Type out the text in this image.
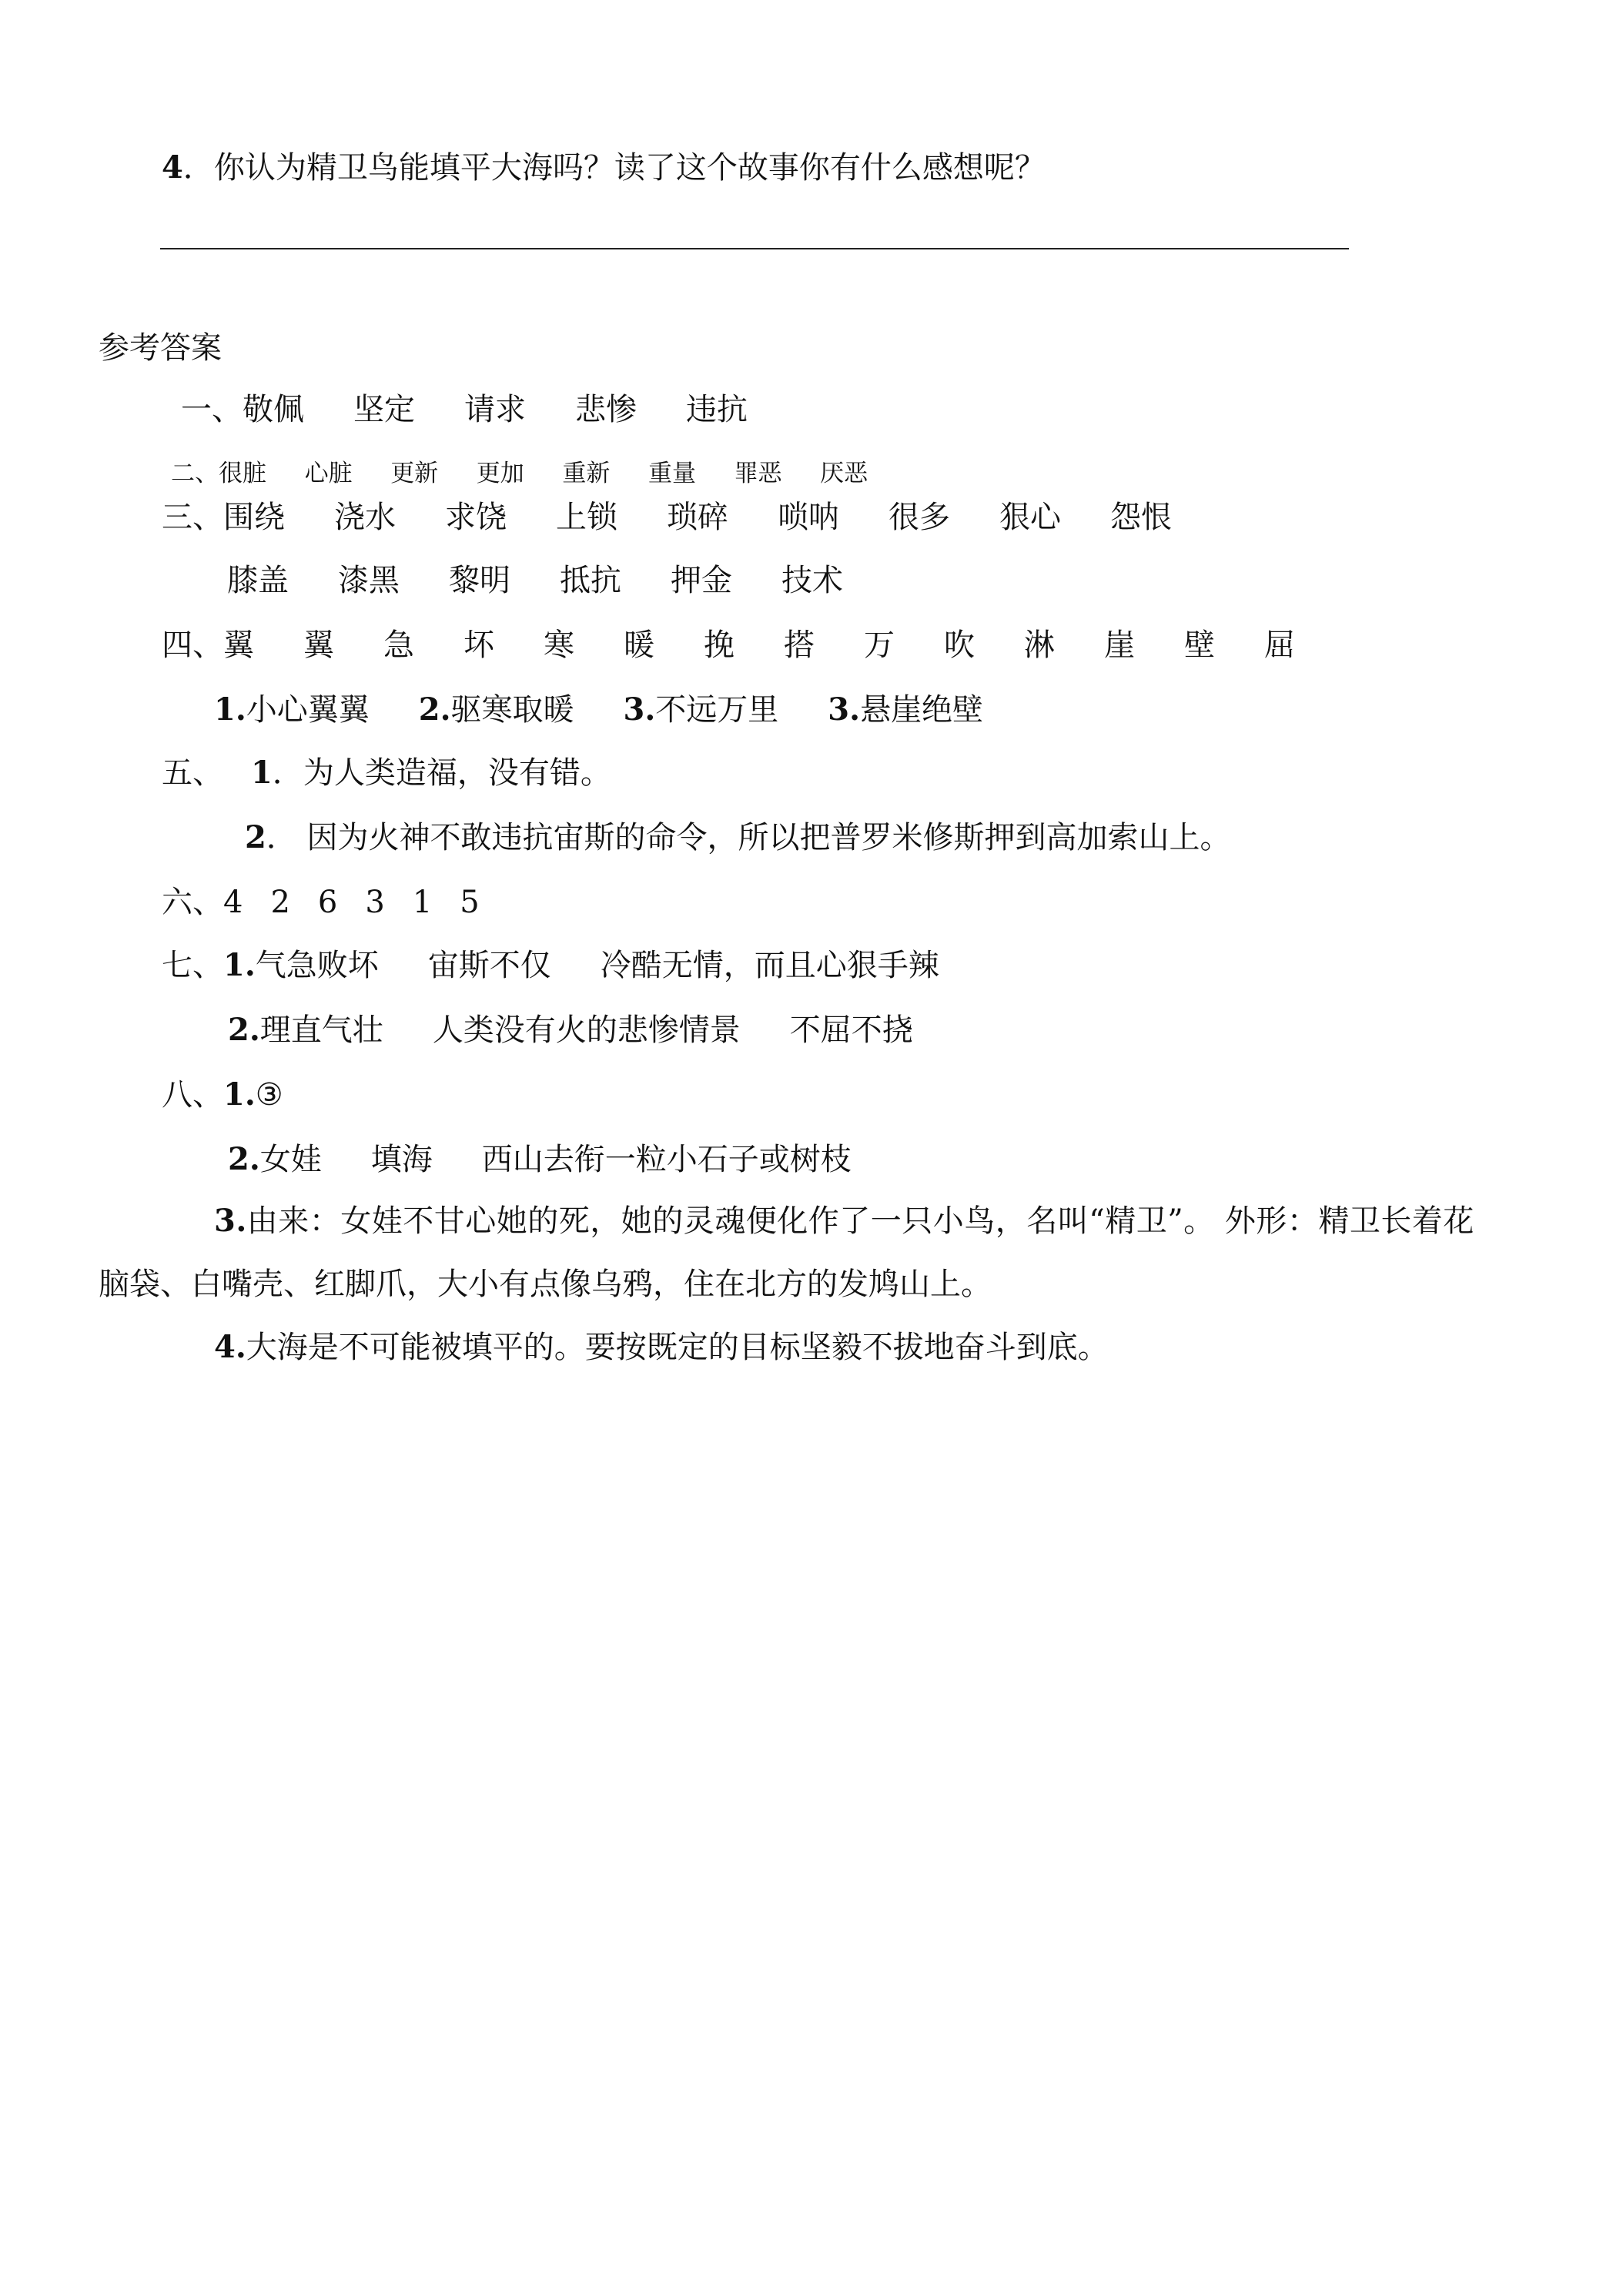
4．你认为精卫鸟能填平大海吗？读了这个故事你有什么感想呢？
参考答案
一、敬佩 坚定 请求 悲惨 违抗
二、很脏 心脏 更新 更加 重新 重量 罪恶 厌恶
三、围绕 浇水 求饶 上锁 琐碎 唢呐 很多 狠心 怨恨
膝盖 漆黑 黎明 抵抗 押金 技术
四、翼 翼 急 坏 寒 暖 挽 搭 万 吹 淋 崖 壁 屈
1.小心翼翼 2.驱寒取暖 3.不远万里 3.悬崖绝壁
五、 1．为人类造福，没有错。
2． 因为火神不敢违抗宙斯的命令，所以把普罗米修斯押到高加索山上。
六、4 2 6 3 1 5
七、1.气急败坏 宙斯不仅 冷酷无情，而且心狠手辣
2.理直气壮 人类没有火的悲惨情景 不屈不挠
八、1.③
2.女娃 填海 西山去衔一粒小石子或树枝
3.由来：女娃不甘心她的死，她的灵魂便化作了一只小鸟，名叫“精卫”。 外形：精卫长着花
脑袋、白嘴壳、红脚爪，大小有点像乌鸦，住在北方的发鸠山上。
4.大海是不可能被填平的。要按既定的目标坚毅不拔地奋斗到底。
